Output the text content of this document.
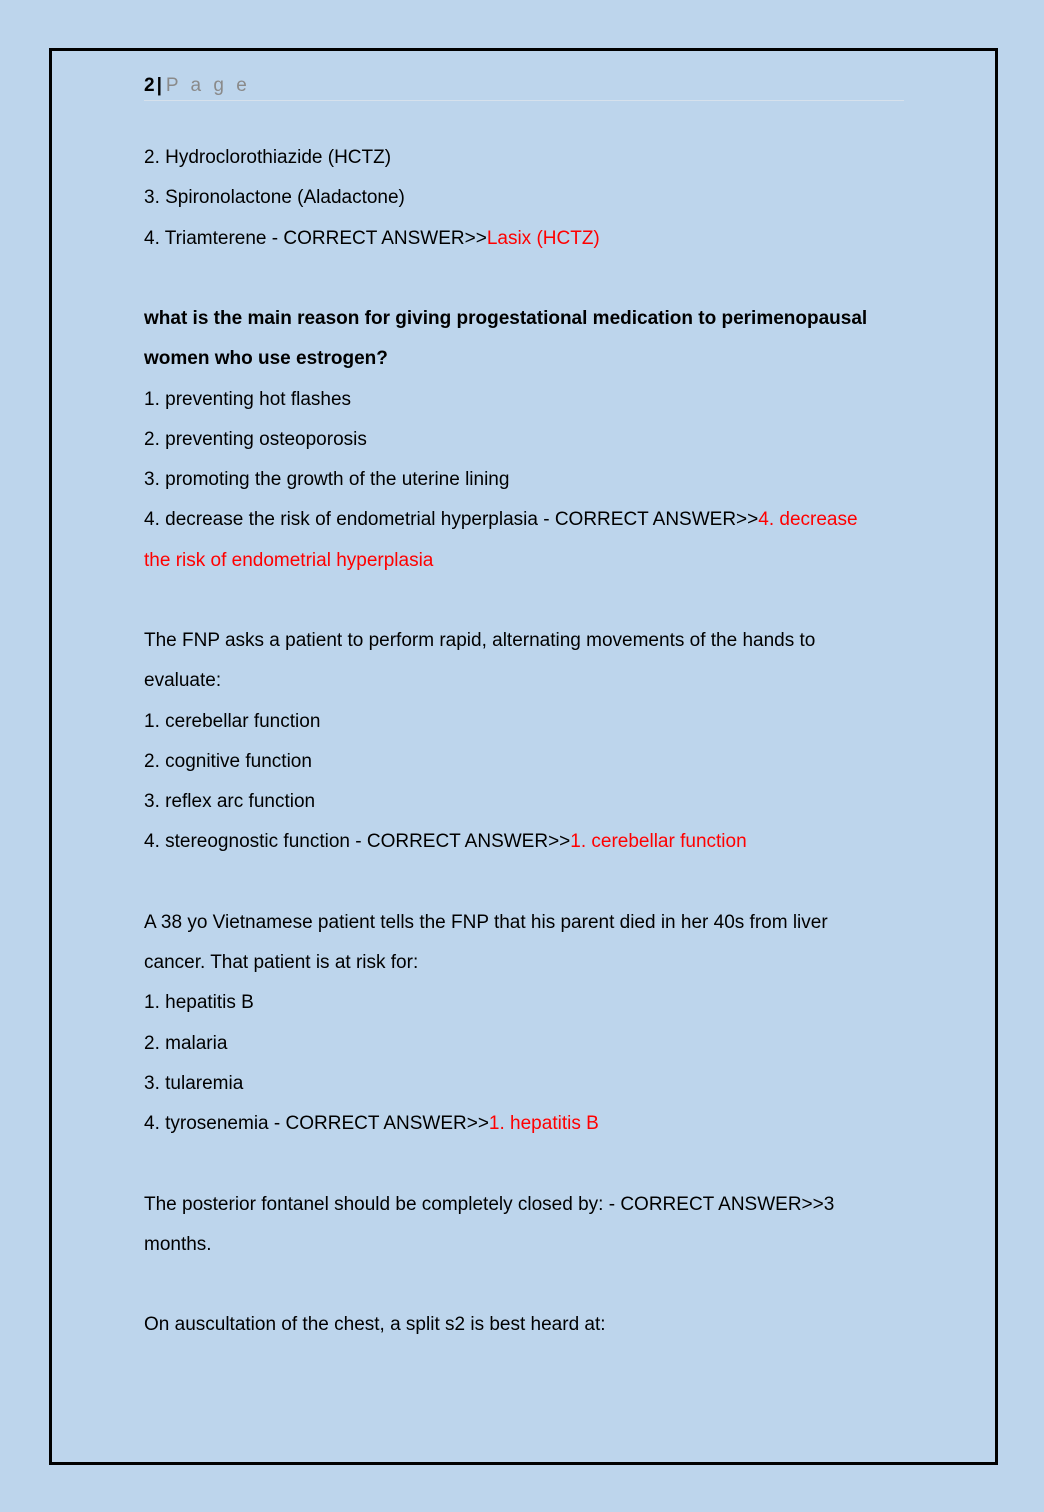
2 | P a g e

2. Hydroclorothiazide (HCTZ)

3. Spironolactone (Aladactone)

4. Triamterene - CORRECT ANSWER>>Lasix (HCTZ)

what is the main reason for giving progestational medication to perimenopausal

women who use estrogen?

1. preventing hot flashes

2. preventing osteoporosis

3. promoting the growth of the uterine lining

4. decrease the risk of endometrial hyperplasia - CORRECT ANSWER>>4. decrease

the risk of endometrial hyperplasia

The FNP asks a patient to perform rapid, alternating movements of the hands to

evaluate:

1. cerebellar function

2. cognitive function

3. reflex arc function

4. stereognostic function - CORRECT ANSWER>>1. cerebellar function

A 38 yo Vietnamese patient tells the FNP that his parent died in her 40s from liver

cancer. That patient is at risk for:

1. hepatitis B

2. malaria

3. tularemia

4. tyrosenemia - CORRECT ANSWER>>1. hepatitis B

The posterior fontanel should be completely closed by: - CORRECT ANSWER>>3

months.

On auscultation of the chest, a split s2 is best heard at:
